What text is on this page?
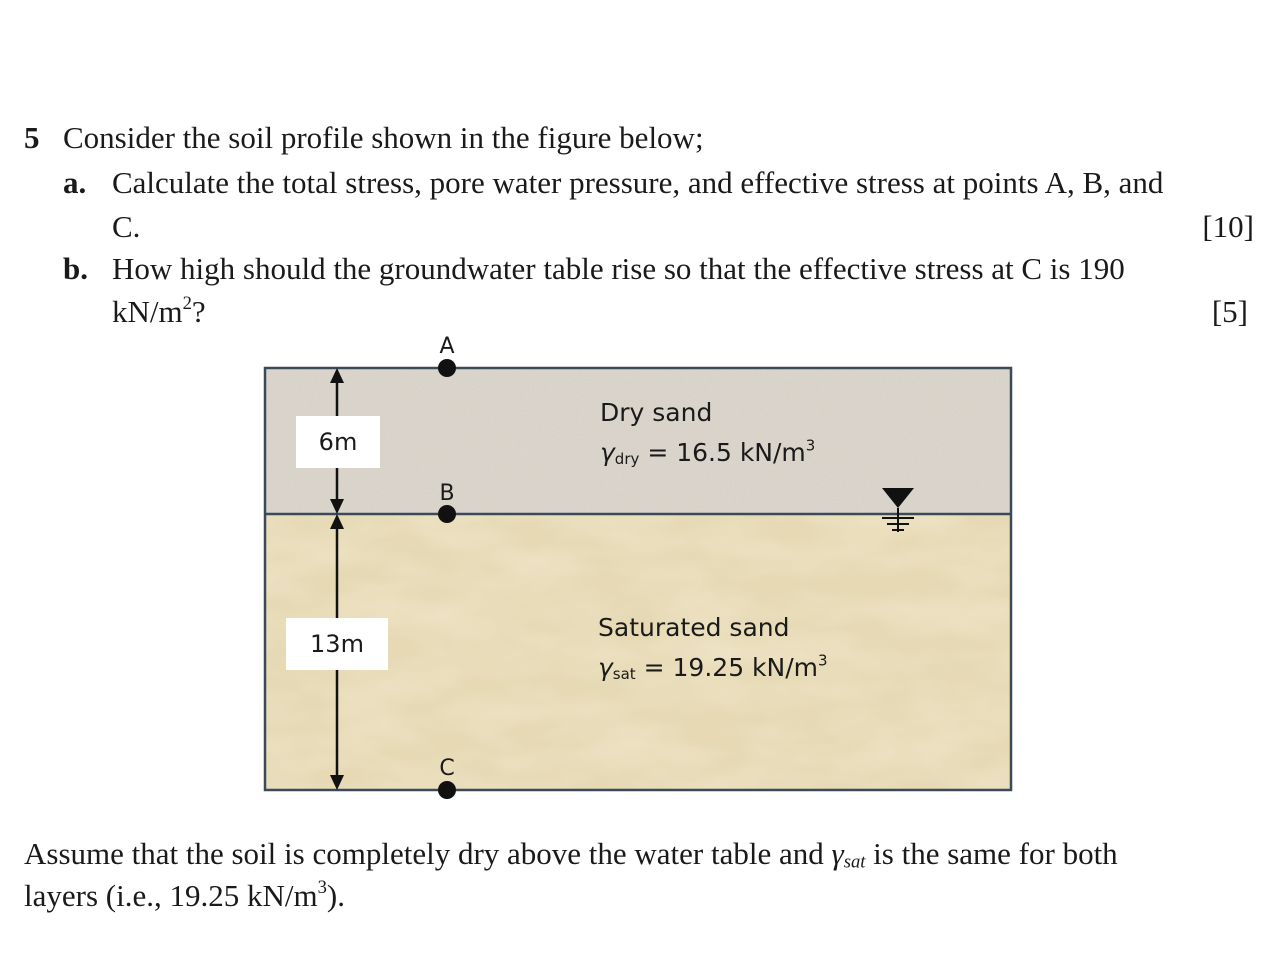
5 Consider the soil profile shown in the figure below;
a. Calculate the total stress, pore water pressure, and effective stress at points A, B, and
C.	[10]
b. How high should the groundwater table rise so that the effective stress at C is 190
$kN/m^2$?	[5]
6m
13m
A
B
C
Dry sand
$\gamma_{dry} = 16.5$ $kN/m^3$
Saturated sand
$\gamma_{sat} = 19.25$ $kN/m^3$
Assume that the soil is completely dry above the water table and $\gamma_{sat}$ is the same for both
layers (i.e., 19.25 $kN/m^3$).
